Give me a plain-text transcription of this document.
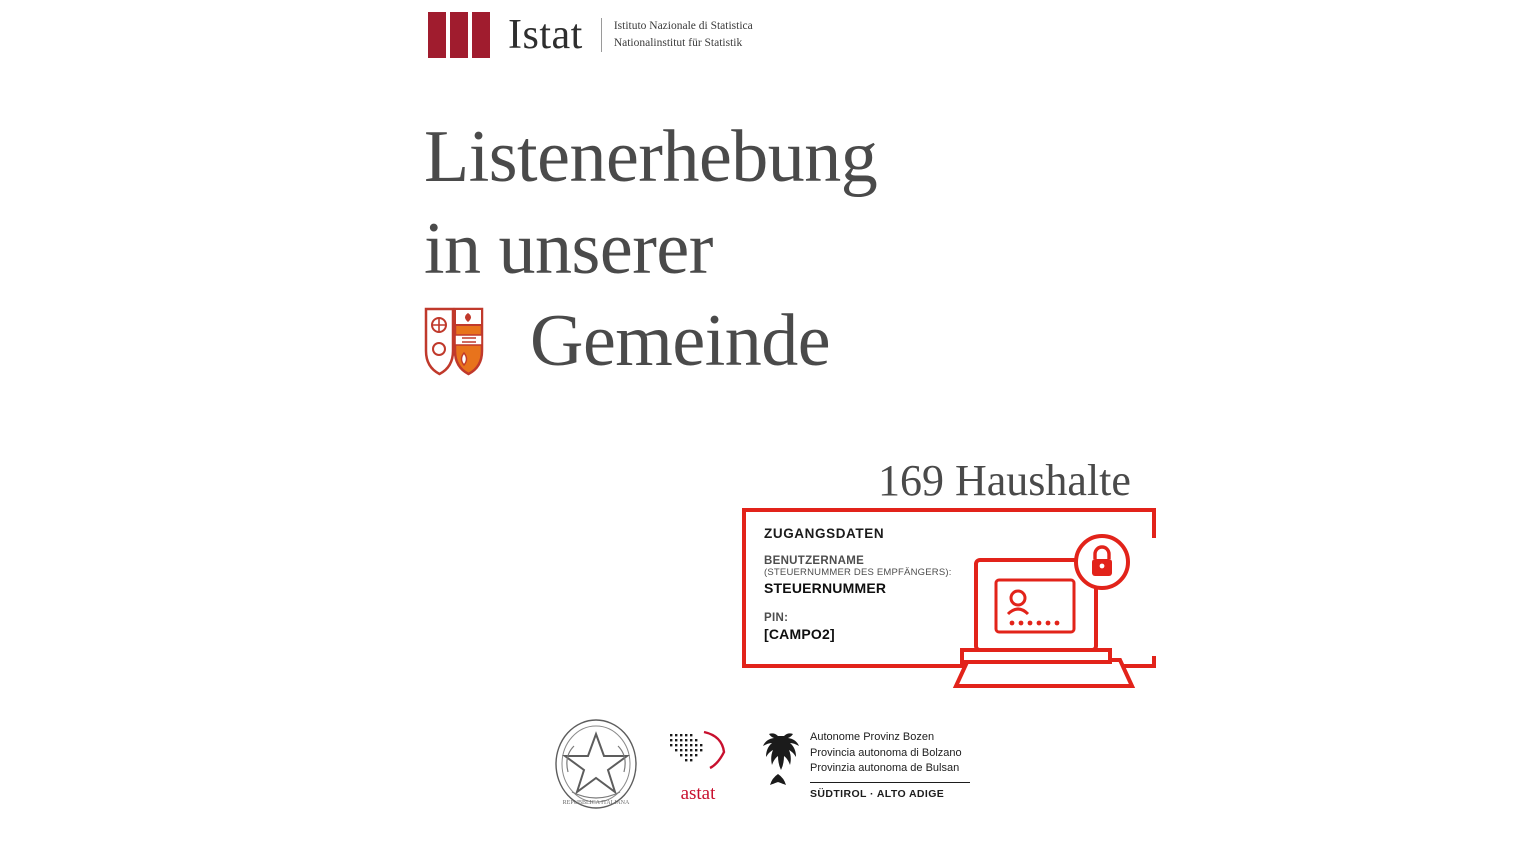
Istat	Istituto Nazionale di Statistica
Nationalinstitut für Statistik
Listenerhebung
in unserer
Gemeinde
169 Haushalte
ZUGANGSDATEN
BENUTZERNAME
(STEUERNUMMER DES EMPFÄNGERS):
STEUERNUMMER
PIN:
[CAMPO2]
REPUBBLICA ITALIANA	astat
Autonome Provinz Bozen
Provincia autonoma di Bolzano
Provinzia autonoma de Bulsan
SÜDTIROL · ALTO ADIGE
